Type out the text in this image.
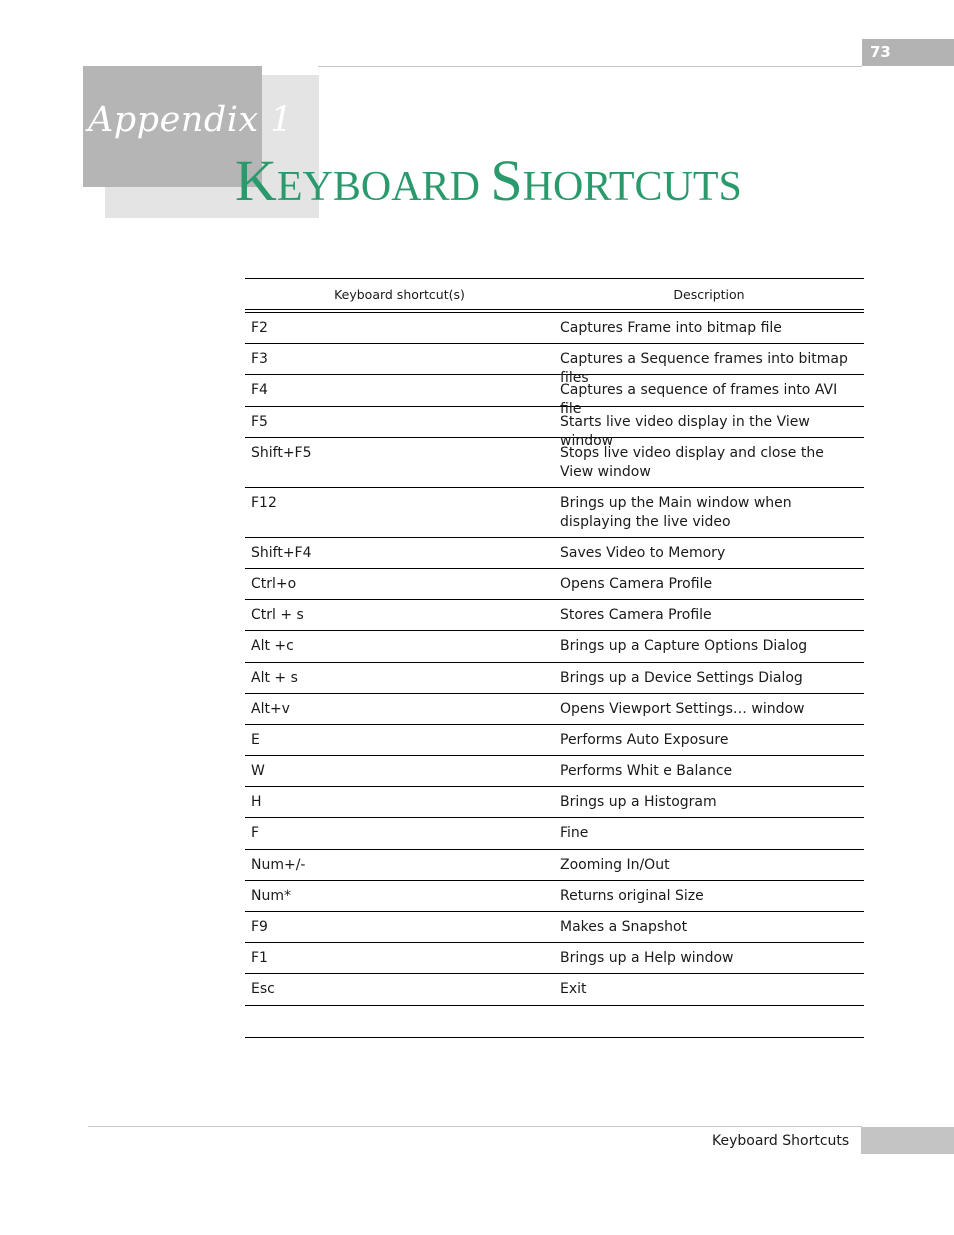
73
Appendix 1
KEYBOARD SHORTCUTS
Keyboard shortcut(s)	Description
F2	Captures Frame into bitmap file
F3	Captures a Sequence frames into bitmap files
F4	Captures a sequence of frames into AVI file
F5	Starts live video display in the View window
Shift+F5	Stops live video display and close the View window
F12	Brings up the Main window when displaying the live video
Shift+F4	Saves Video to Memory
Ctrl+o	Opens Camera Profile
Ctrl + s	Stores Camera Profile
Alt +c	Brings up a Capture Options Dialog
Alt + s	Brings up a Device Settings Dialog
Alt+v	Opens Viewport Settings… window
E	Performs Auto Exposure
W	Performs Whit e Balance
H	Brings up a Histogram
F	Fine
Num+/-	Zooming In/Out
Num*	Returns original Size
F9	Makes a Snapshot
F1	Brings up a Help window
Esc	Exit
Keyboard Shortcuts
